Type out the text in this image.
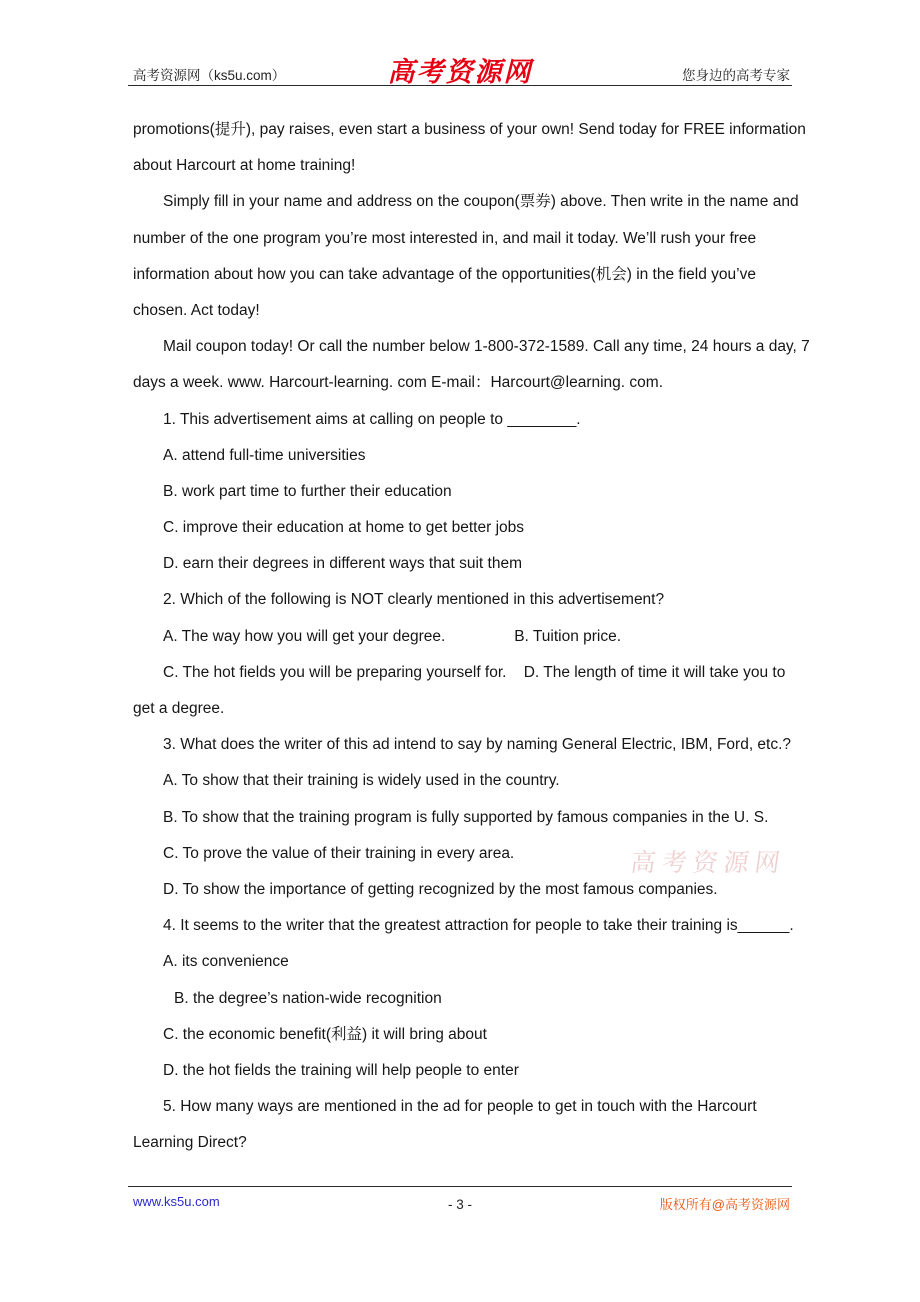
高考资源网（ks5u.com）	高考资源网	您身边的高考专家
promotions(提升), pay raises, even start a business of your own! Send today for FREE information
about Harcourt at home training!
Simply fill in your name and address on the coupon(票券) above. Then write in the name and
number of the one program you’re most interested in, and mail it today. We’ll rush your free
information about how you can take advantage of the opportunities(机会) in the field you’ve
chosen. Act today!
Mail coupon today! Or call the number below 1-800-372-1589. Call any time, 24 hours a day, 7
days a week. www. Harcourt-learning. com E-mail：Harcourt@learning. com.
1. This advertisement aims at calling on people to ________.
A. attend full-time universities
B. work part time to further their education
C. improve their education at home to get better jobs
D. earn their degrees in different ways that suit them
2. Which of the following is NOT clearly mentioned in this advertisement?
A. The way how you will get your degree.                B. Tuition price.
C. The hot fields you will be preparing yourself for.    D. The length of time it will take you to
get a degree.
3. What does the writer of this ad intend to say by naming General Electric, IBM, Ford, etc.?
A. To show that their training is widely used in the country.
B. To show that the training program is fully supported by famous companies in the U. S.
C. To prove the value of their training in every area.
D. To show the importance of getting recognized by the most famous companies.
4. It seems to the writer that the greatest attraction for people to take their training is______.
A. its convenience
B. the degree’s nation-wide recognition
C. the economic benefit(利益) it will bring about
D. the hot fields the training will help people to enter
5. How many ways are mentioned in the ad for people to get in touch with the Harcourt
Learning Direct?
高考资源网
www.ks5u.com	- 3 -	版权所有@高考资源网
